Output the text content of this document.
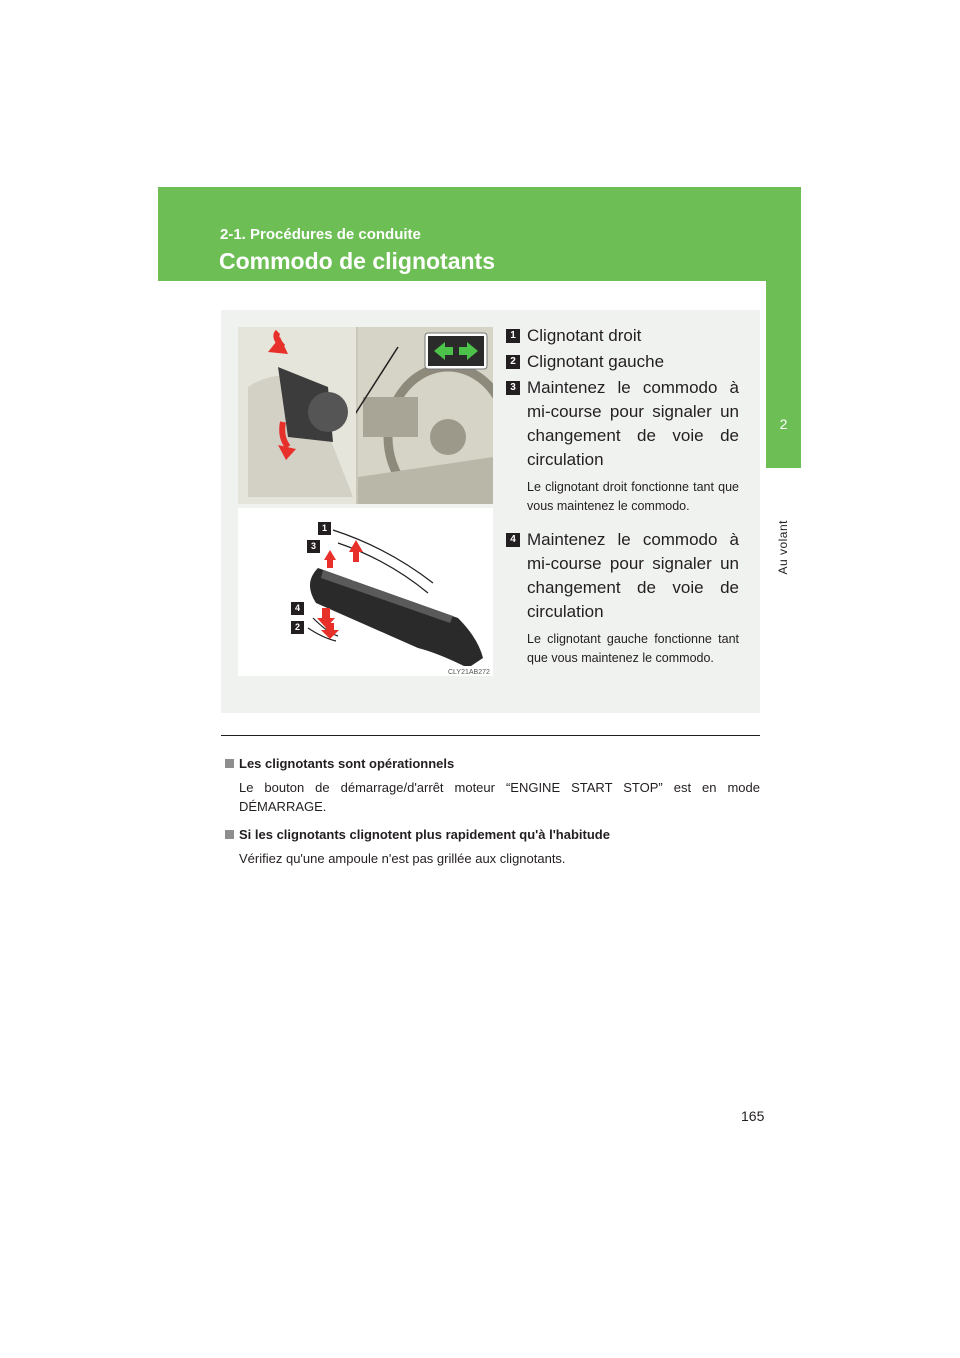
2-1. Procédures de conduite
Commodo de clignotants
2
Au volant
☼	AUTO
CLY21AB272
1
3
4
2
1 Clignotant droit
2 Clignotant gauche
3 Maintenez le commodo à mi-course pour signaler un changement de voie de circulation
Le clignotant droit fonctionne tant que vous maintenez le commodo.
4 Maintenez le commodo à mi-course pour signaler un changement de voie de circulation
Le clignotant gauche fonctionne tant que vous maintenez le commodo.
Les clignotants sont opérationnels
Le bouton de démarrage/d'arrêt moteur “ENGINE START STOP” est en mode DÉMARRAGE.
Si les clignotants clignotent plus rapidement qu'à l'habitude
Vérifiez qu'une ampoule n'est pas grillée aux clignotants.
165
